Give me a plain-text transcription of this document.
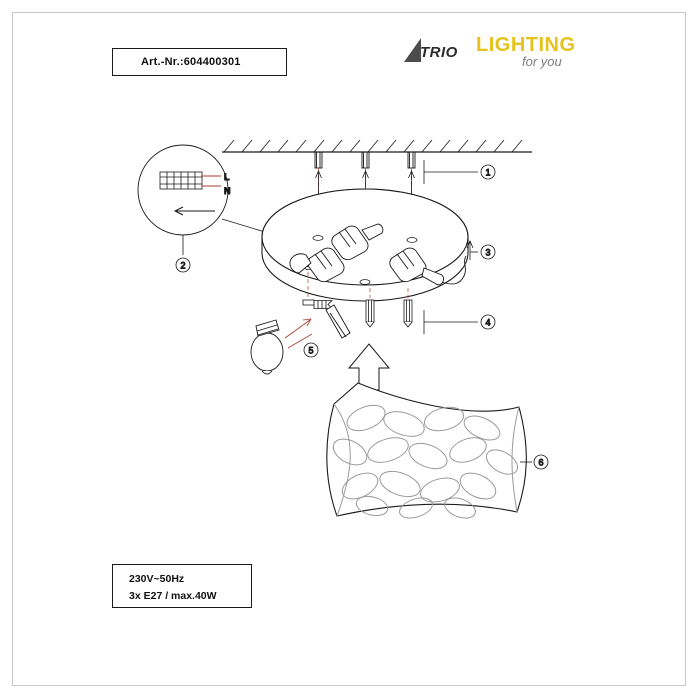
Art.-Nr.:604400301
TRIO LIGHTING
for you
230V~50Hz
3x E27 / max.40W
1
L
N
2
3
4
5
6
